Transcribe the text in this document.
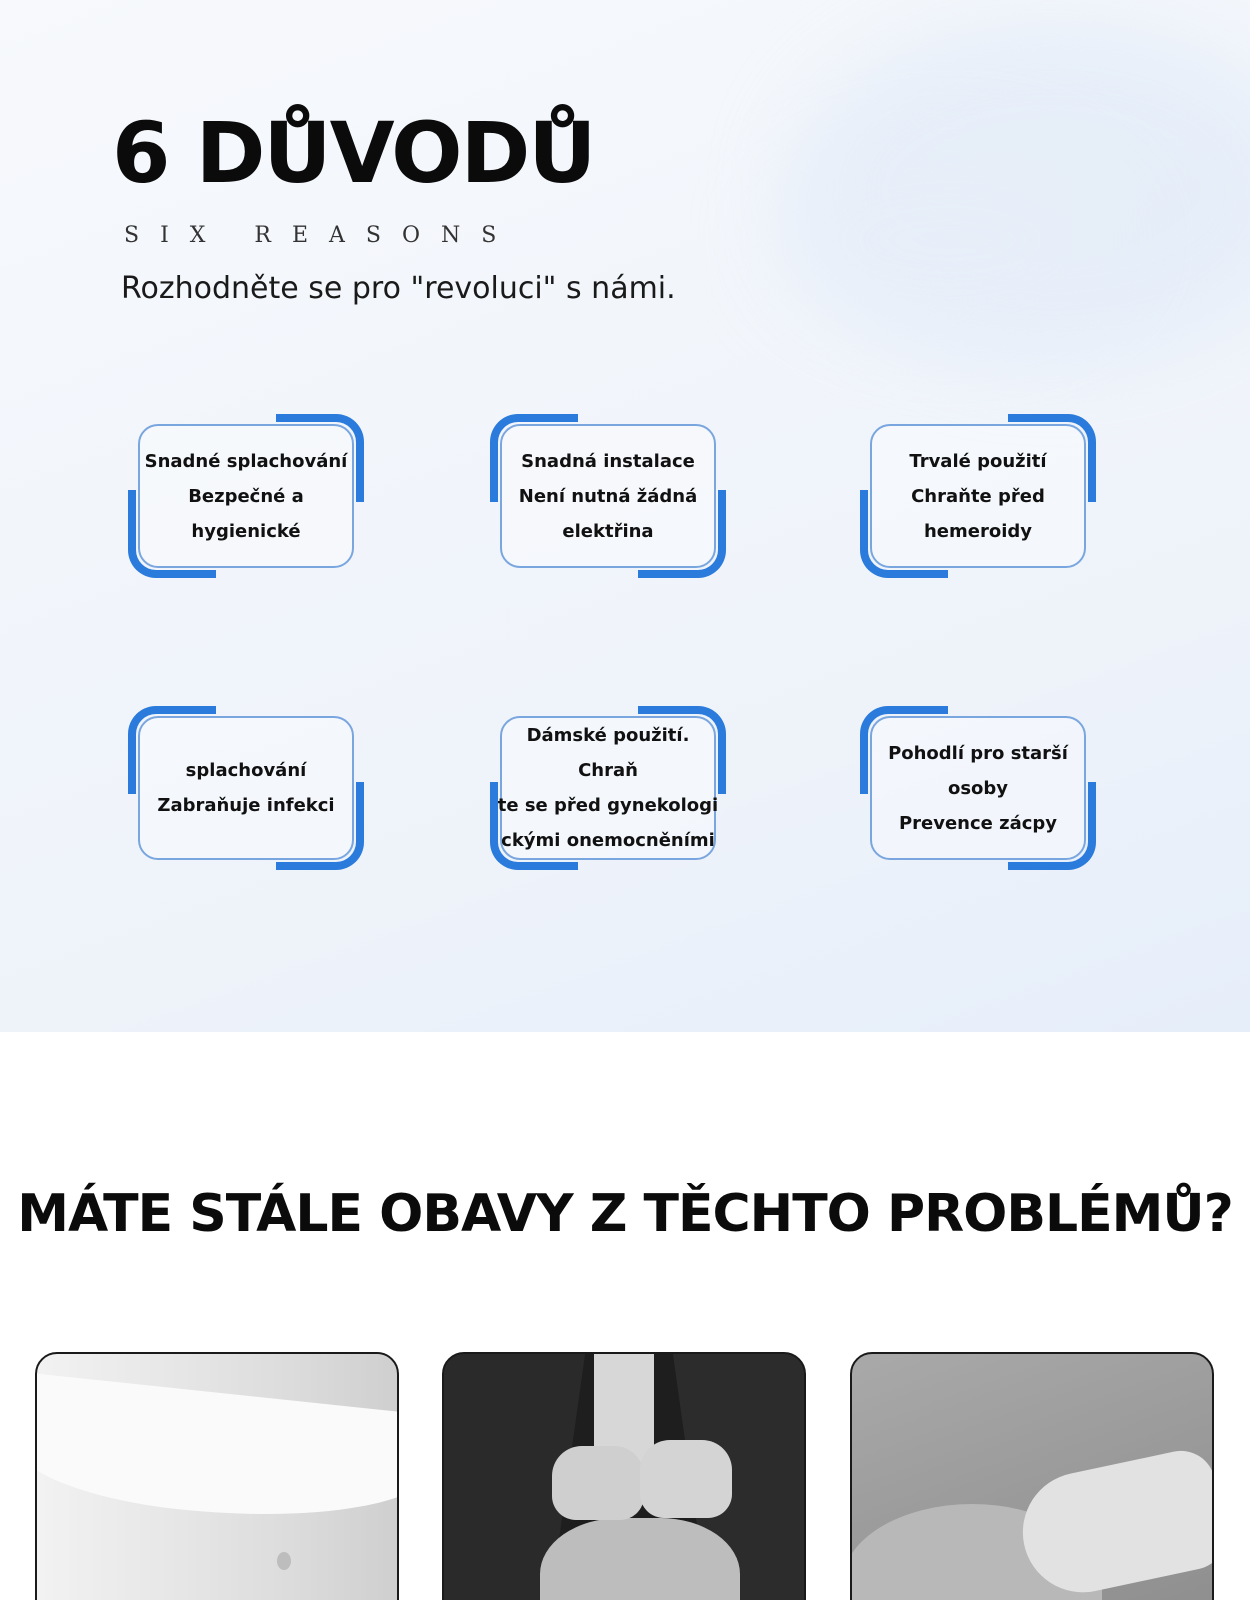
6 DŮVODŮ
SIX REASONS

Rozhodněte se pro "revoluci" s námi.

Snadné splachování
Bezpečné a hygienické
Snadná instalace
Není nutná žádná
elektřina
Trvalé použití
Chraňte před
hemeroidy
splachování
Zabraňuje infekci
Dámské použití. Chraň
te se před gynekologi
ckými onemocněními
Pohodlí pro starší
osoby
Prevence zácpy
MÁTE STÁLE OBAVY Z TĚCHTO PROBLÉMŮ?
